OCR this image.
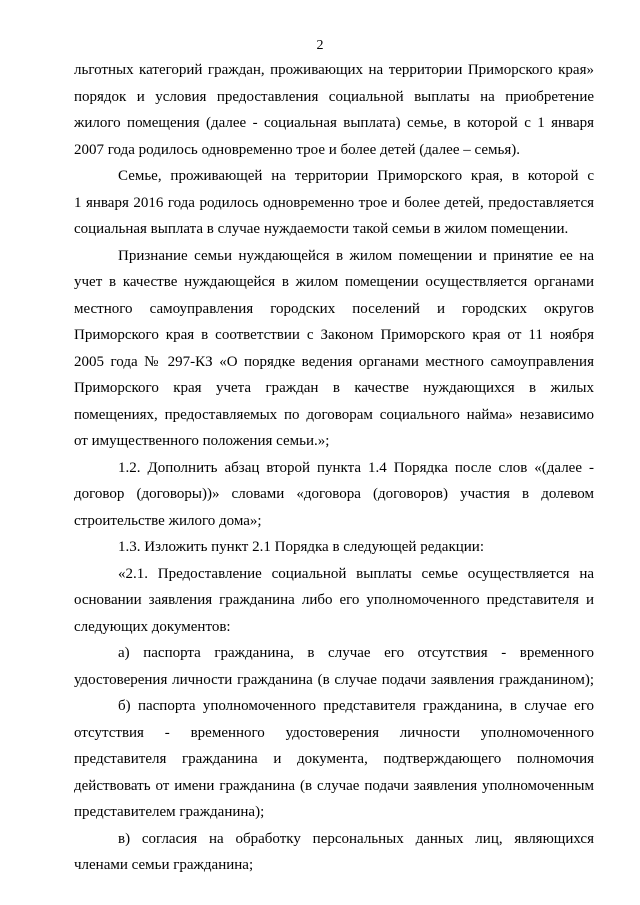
2
льготных категорий граждан, проживающих на территории Приморского края»
порядок и условия предоставления социальной выплаты на приобретение
жилого помещения (далее - социальная выплата) семье, в которой с 1 января
2007 года родилось одновременно трое и более детей (далее – семья).
Семье, проживающей на территории Приморского края, в которой с
1 января 2016 года родилось одновременно трое и более детей, предоставляется
социальная выплата в случае нуждаемости такой семьи в жилом помещении.
Признание семьи нуждающейся в жилом помещении и принятие ее на
учет в качестве нуждающейся в жилом помещении осуществляется органами
местного самоуправления городских поселений и городских округов
Приморского края в соответствии с Законом Приморского края от 11 ноября
2005 года № 297-КЗ «О порядке ведения органами местного самоуправления
Приморского края учета граждан в качестве нуждающихся в жилых
помещениях, предоставляемых по договорам социального найма» независимо
от имущественного положения семьи.»;
1.2. Дополнить абзац второй пункта 1.4 Порядка после слов «(далее -
договор (договоры))» словами «договора (договоров) участия в долевом
строительстве жилого дома»;
1.3. Изложить пункт 2.1 Порядка в следующей редакции:
«2.1. Предоставление социальной выплаты семье осуществляется на
основании заявления гражданина либо его уполномоченного представителя и
следующих документов:
а) паспорта гражданина, в случае его отсутствия - временного
удостоверения личности гражданина (в случае подачи заявления гражданином);
б) паспорта уполномоченного представителя гражданина, в случае его
отсутствия - временного удостоверения личности уполномоченного
представителя гражданина и документа, подтверждающего полномочия
действовать от имени гражданина (в случае подачи заявления уполномоченным
представителем гражданина);
в) согласия на обработку персональных данных лиц, являющихся
членами семьи гражданина;
